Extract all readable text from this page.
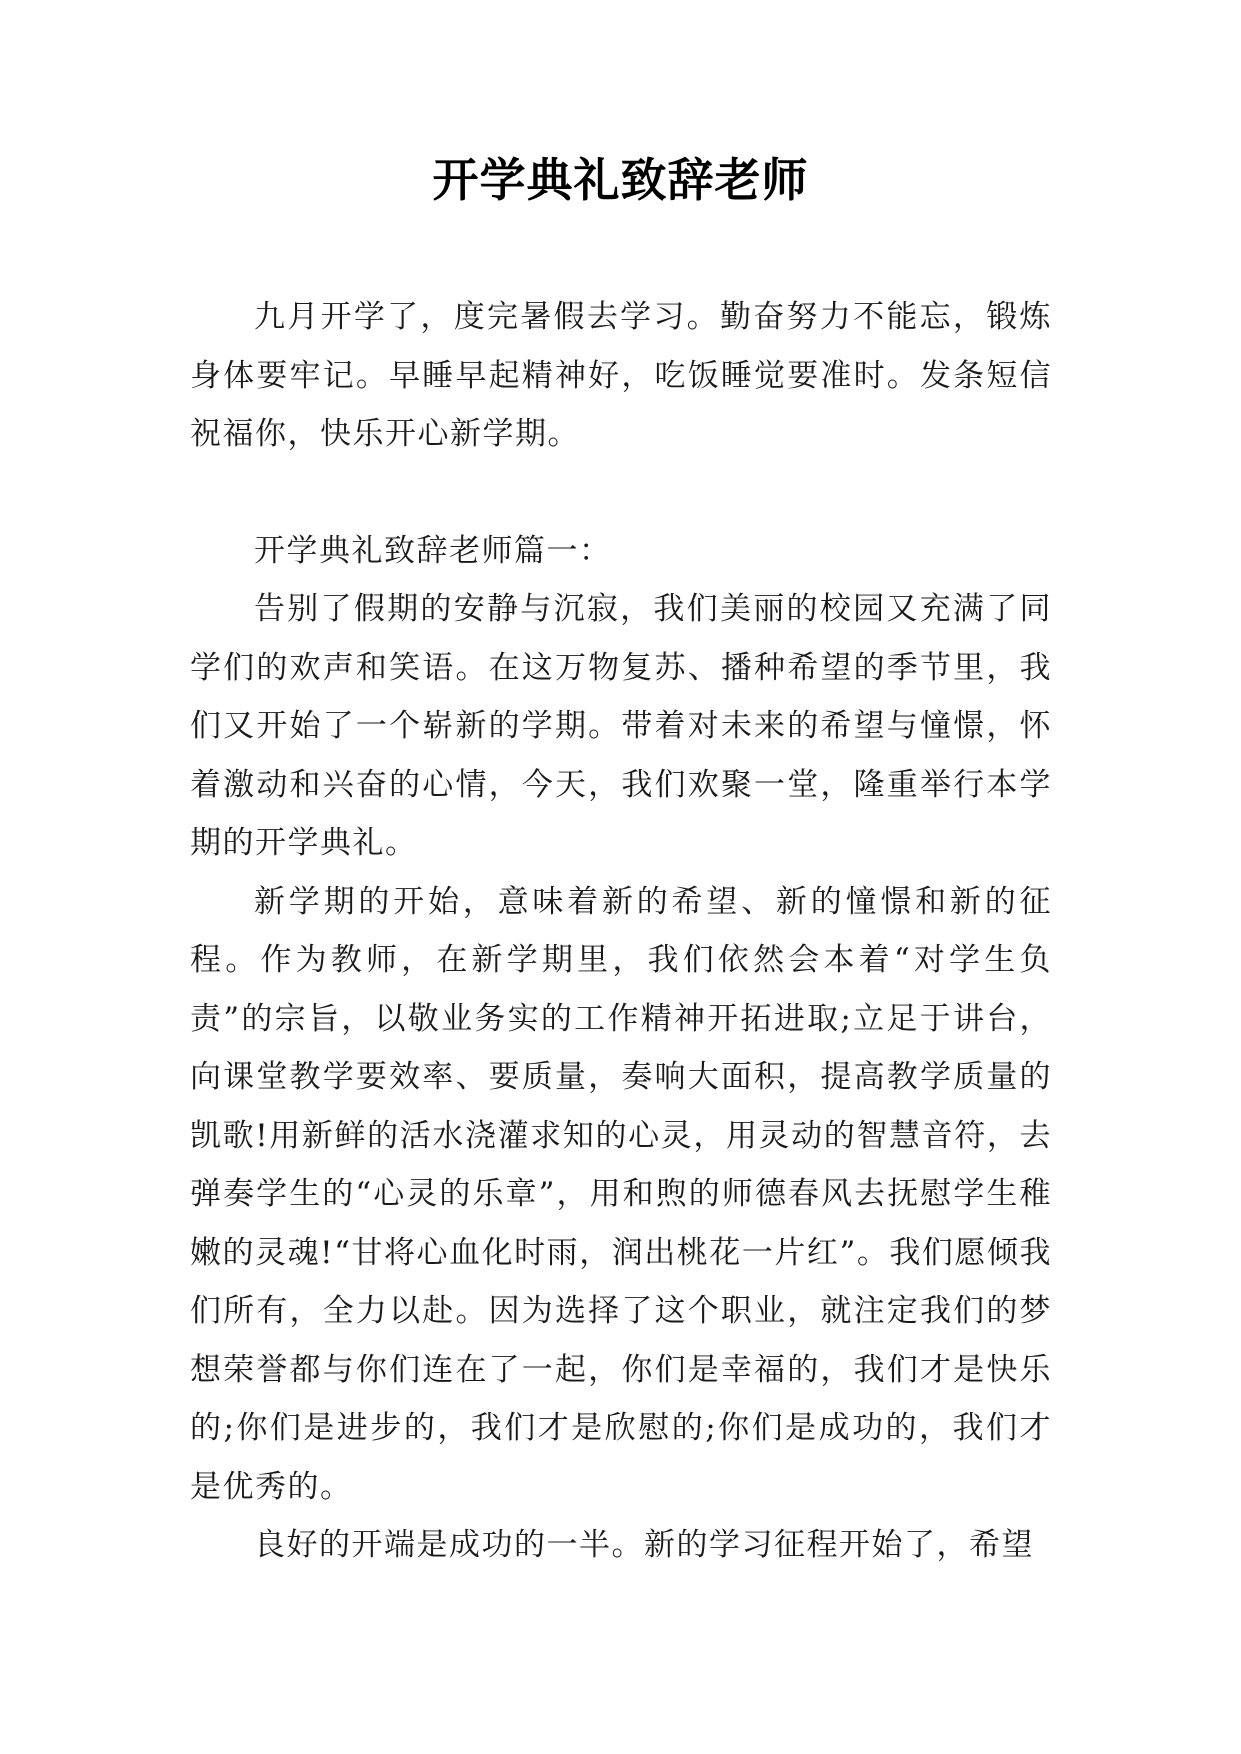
开学典礼致辞老师

九月开学了，度完暑假去学习。勤奋努力不能忘，锻炼身体要牢记。早睡早起精神好，吃饭睡觉要准时。发条短信祝福你，快乐开心新学期。

开学典礼致辞老师篇一：

告别了假期的安静与沉寂，我们美丽的校园又充满了同学们的欢声和笑语。在这万物复苏、播种希望的季节里，我们又开始了一个崭新的学期。带着对未来的希望与憧憬，怀着激动和兴奋的心情，今天，我们欢聚一堂，隆重举行本学期的开学典礼。

新学期的开始，意味着新的希望、新的憧憬和新的征程。作为教师，在新学期里，我们依然会本着“对学生负责”的宗旨，以敬业务实的工作精神开拓进取;立足于讲台，向课堂教学要效率、要质量，奏响大面积，提高教学质量的凯歌!用新鲜的活水浇灌求知的心灵，用灵动的智慧音符，去弹奏学生的“心灵的乐章”，用和煦的师德春风去抚慰学生稚嫩的灵魂!“甘将心血化时雨，润出桃花一片红”。我们愿倾我们所有，全力以赴。因为选择了这个职业，就注定我们的梦想荣誉都与你们连在了一起，你们是幸福的，我们才是快乐的;你们是进步的，我们才是欣慰的;你们是成功的，我们才是优秀的。

良好的开端是成功的一半。新的学习征程开始了，希望
